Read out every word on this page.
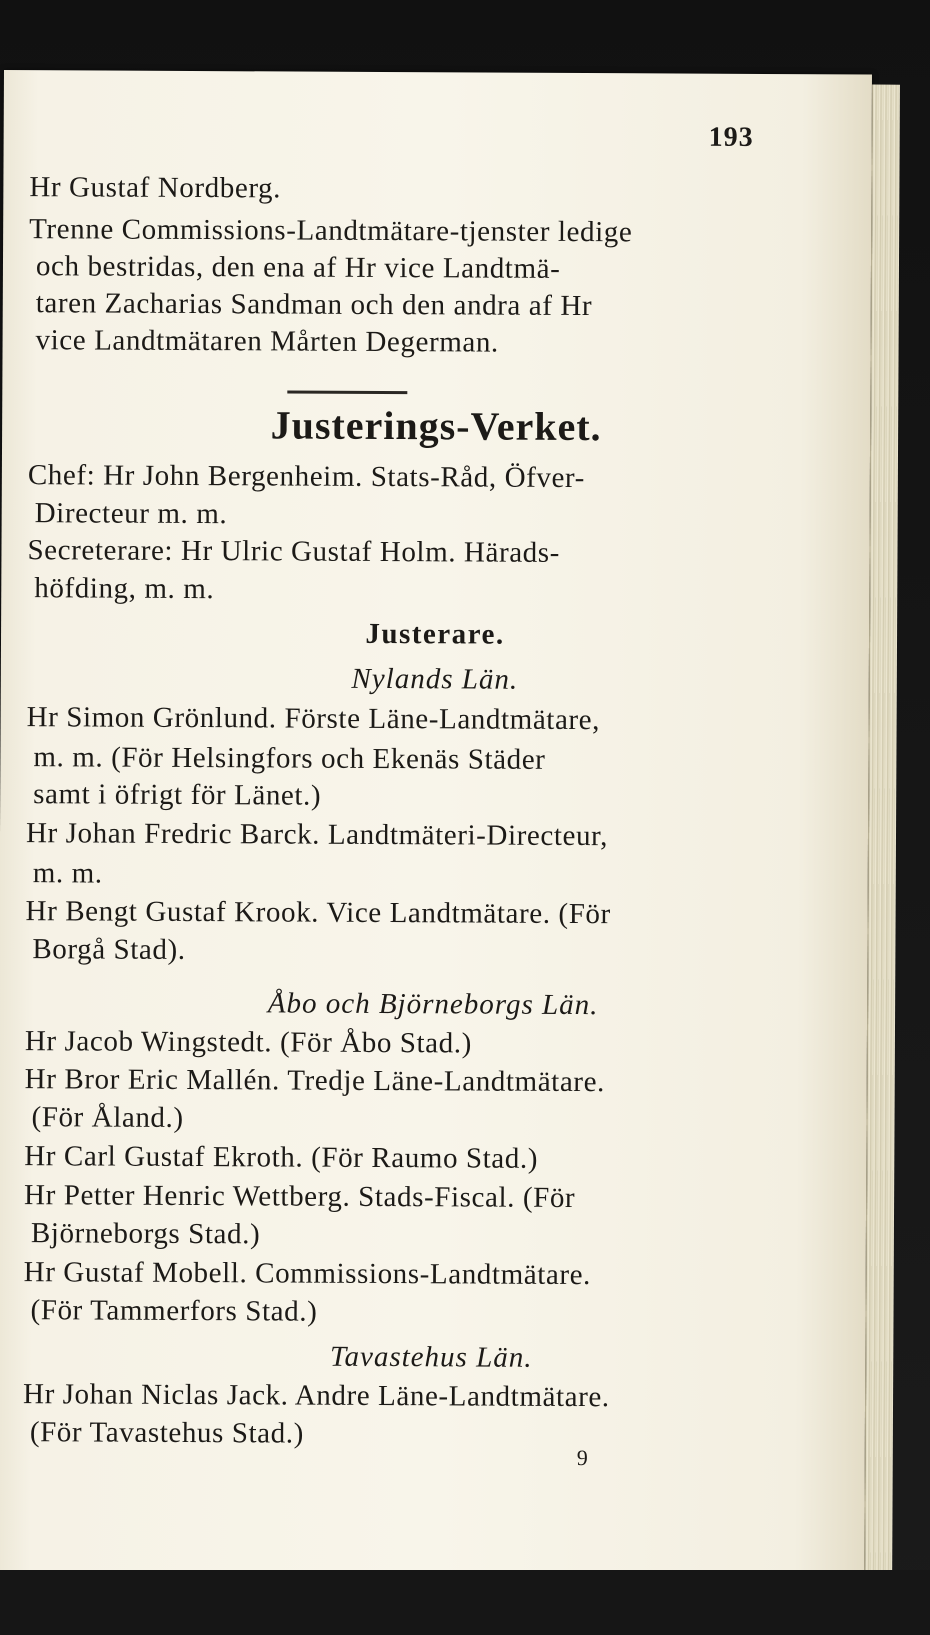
193
Hr Gustaf Nordberg.
Trenne Commissions-Landtmätare-tjenster ledige
och bestridas, den ena af Hr vice Landtmä-
taren Zacharias Sandman och den andra af Hr
vice Landtmätaren Mårten Degerman.
Justerings-Verket.
Chef: Hr John Bergenheim. Stats-Råd, Öfver-
Directeur m. m.
Secreterare: Hr Ulric Gustaf Holm. Härads-
höfding, m. m.
Justerare.
Nylands Län.
Hr Simon Grönlund. Förste Läne-Landtmätare,
m. m. (För Helsingfors och Ekenäs Städer
samt i öfrigt för Länet.)
Hr Johan Fredric Barck. Landtmäteri-Directeur,
m. m.
Hr Bengt Gustaf Krook. Vice Landtmätare. (För
Borgå Stad).
Åbo och Björneborgs Län.
Hr Jacob Wingstedt. (För Åbo Stad.)
Hr Bror Eric Mallén. Tredje Läne-Landtmätare.
(För Åland.)
Hr Carl Gustaf Ekroth. (För Raumo Stad.)
Hr Petter Henric Wettberg. Stads-Fiscal. (För
Björneborgs Stad.)
Hr Gustaf Mobell. Commissions-Landtmätare.
(För Tammerfors Stad.)
Tavastehus Län.
Hr Johan Niclas Jack. Andre Läne-Landtmätare.
(För Tavastehus Stad.)
9
